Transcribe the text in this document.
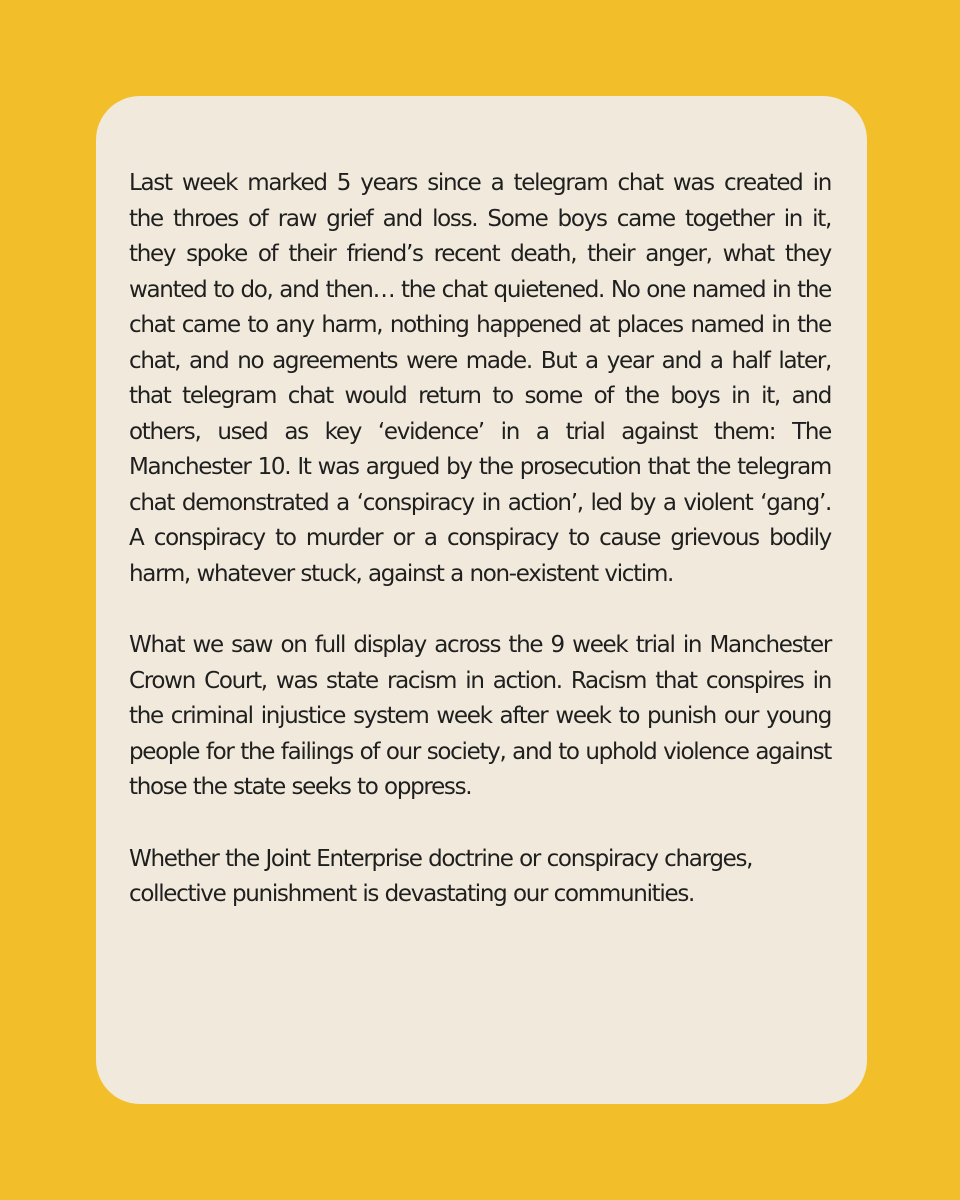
Last week marked 5 years since a telegram chat was created in the throes of raw grief and loss. Some boys came together in it, they spoke of their friend’s recent death, their anger, what they wanted to do, and then… the chat quietened. No one named in the chat came to any harm, nothing happened at places named in the chat, and no agreements were made. But a year and a half later, that telegram chat would return to some of the boys in it, and others, used as key ‘evidence’ in a trial against them: The Manchester 10. It was argued by the prosecution that the telegram chat demonstrated a ‘conspiracy in action’, led by a violent ‘gang’. A conspiracy to murder or a conspiracy to cause grievous bodily harm, whatever stuck, against a non-existent victim.

What we saw on full display across the 9 week trial in Manchester Crown Court, was state racism in action. Racism that conspires in the criminal injustice system week after week to punish our young people for the failings of our society, and to uphold violence against those the state seeks to oppress.

Whether the Joint Enterprise doctrine or conspiracy charges, collective punishment is devastating our communities.
